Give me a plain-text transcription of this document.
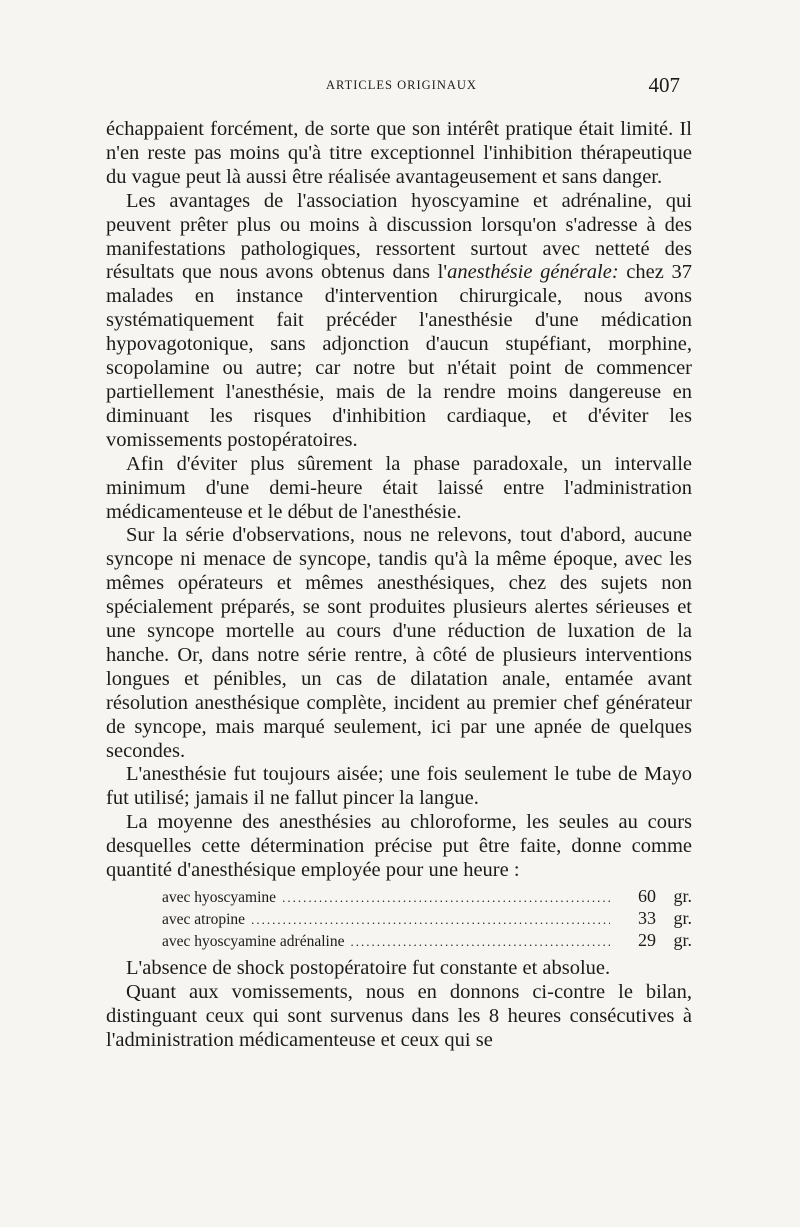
ARTICLES ORIGINAUX	407

échappaient forcément, de sorte que son intérêt pratique était limité. Il n'en reste pas moins qu'à titre exceptionnel l'inhibition thérapeutique du vague peut là aussi être réalisée avantageusement et sans danger.

Les avantages de l'association hyoscyamine et adrénaline, qui peuvent prêter plus ou moins à discussion lorsqu'on s'adresse à des manifestations pathologiques, ressortent surtout avec netteté des résultats que nous avons obtenus dans l'anesthésie générale: chez 37 malades en instance d'intervention chirurgicale, nous avons systématiquement fait précéder l'anesthésie d'une médication hypovagotonique, sans adjonction d'aucun stupéfiant, morphine, scopolamine ou autre; car notre but n'était point de commencer partiellement l'anesthésie, mais de la rendre moins dangereuse en diminuant les risques d'inhibition cardiaque, et d'éviter les vomissements postopératoires.

Afin d'éviter plus sûrement la phase paradoxale, un intervalle minimum d'une demi-heure était laissé entre l'administration médicamenteuse et le début de l'anesthésie.

Sur la série d'observations, nous ne relevons, tout d'abord, aucune syncope ni menace de syncope, tandis qu'à la même époque, avec les mêmes opérateurs et mêmes anesthésiques, chez des sujets non spécialement préparés, se sont produites plusieurs alertes sérieuses et une syncope mortelle au cours d'une réduction de luxation de la hanche. Or, dans notre série rentre, à côté de plusieurs interventions longues et pénibles, un cas de dilatation anale, entamée avant résolution anesthésique complète, incident au premier chef générateur de syncope, mais marqué seulement, ici par une apnée de quelques secondes.

L'anesthésie fut toujours aisée; une fois seulement le tube de Mayo fut utilisé; jamais il ne fallut pincer la langue.

La moyenne des anesthésies au chloroforme, les seules au cours desquelles cette détermination précise put être faite, donne comme quantité d'anesthésique employée pour une heure :

avec hyoscyamine .....	60 gr.
avec atropine .....	33 gr.
avec hyoscyamine adrénaline .....	29 gr.

L'absence de shock postopératoire fut constante et absolue.

Quant aux vomissements, nous en donnons ci-contre le bilan, distinguant ceux qui sont survenus dans les 8 heures consécutives à l'administration médicamenteuse et ceux qui se
